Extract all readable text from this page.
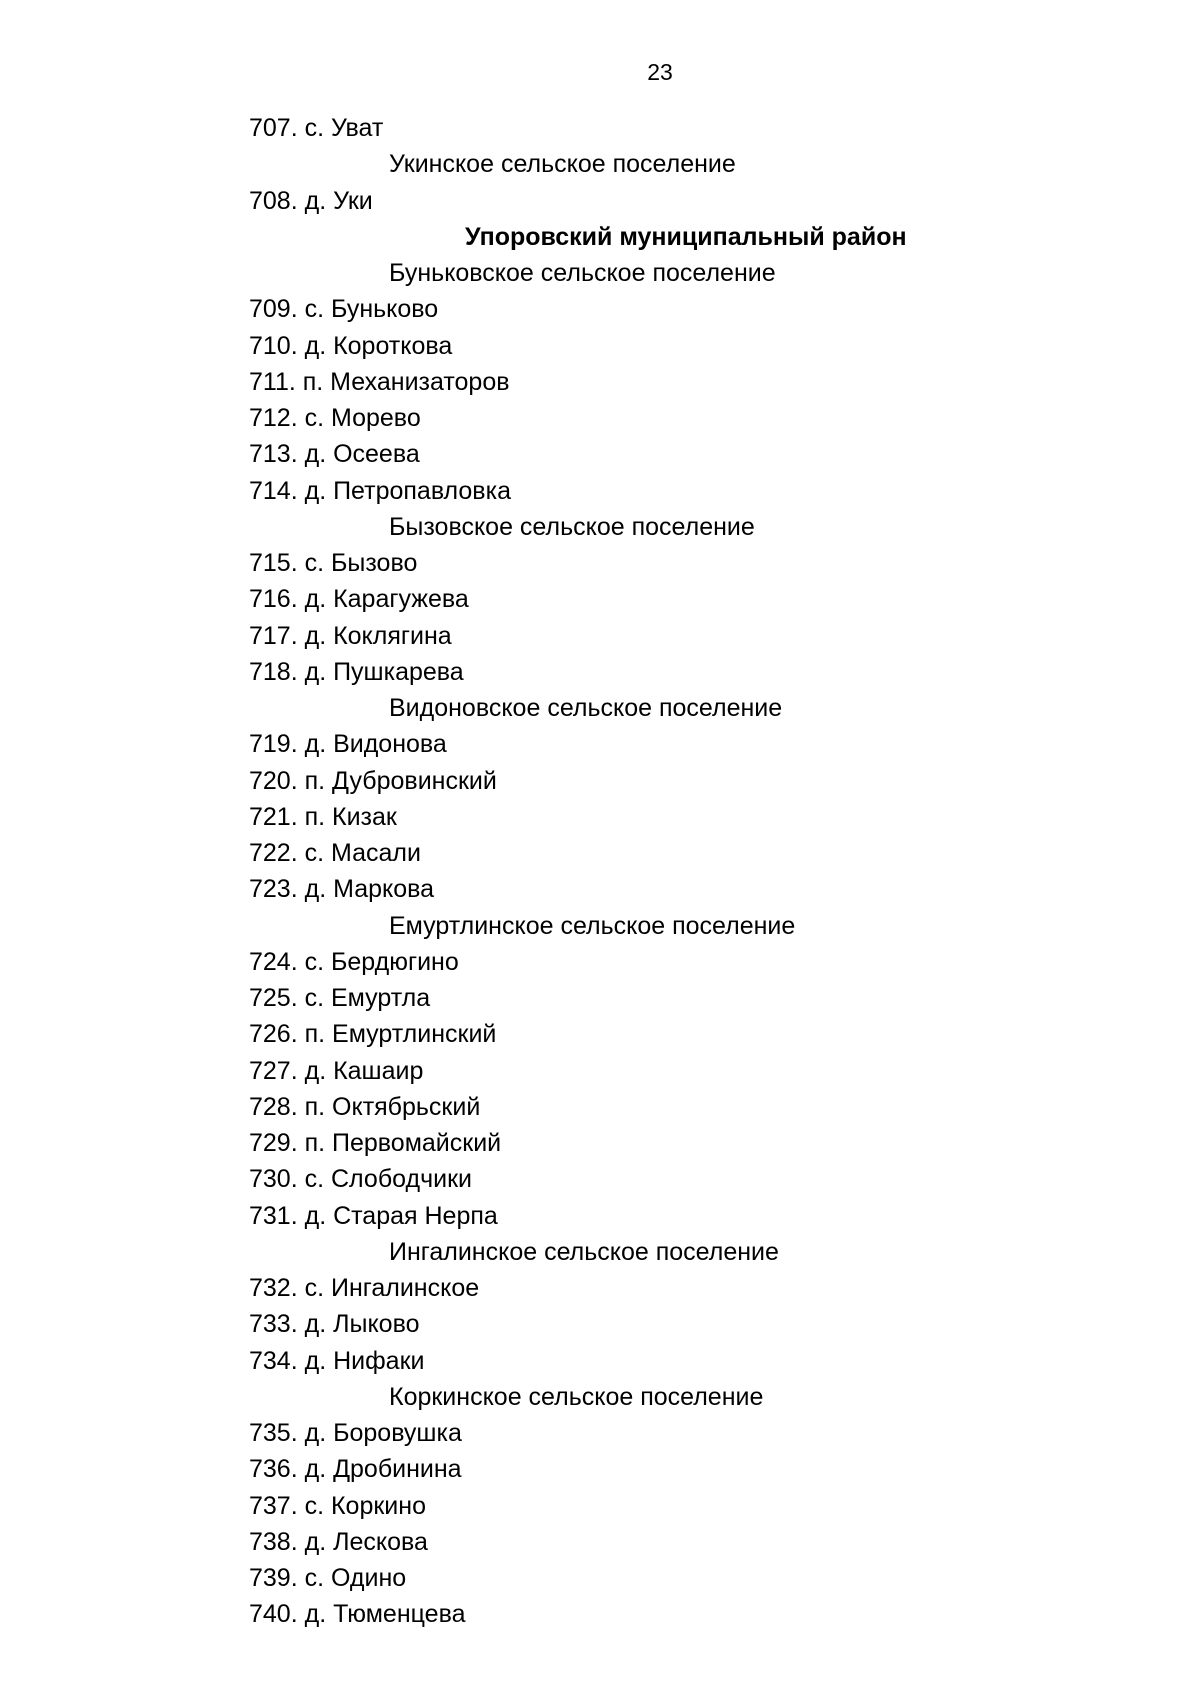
23
707. с. Уват
Укинское сельское поселение
708. д. Уки
Упоровский муниципальный район
Буньковское сельское поселение
709. с. Буньково
710. д. Короткова
711. п. Механизаторов
712. с. Морево
713. д. Осеева
714. д. Петропавловка
Бызовское сельское поселение
715. с. Бызово
716. д. Карагужева
717. д. Коклягина
718. д. Пушкарева
Видоновское сельское поселение
719. д. Видонова
720. п. Дубровинский
721. п. Кизак
722. с. Масали
723. д. Маркова
Емуртлинское сельское поселение
724. с. Бердюгино
725. с. Емуртла
726. п. Емуртлинский
727. д. Кашаир
728. п. Октябрьский
729. п. Первомайский
730. с. Слободчики
731. д. Старая Нерпа
Ингалинское сельское поселение
732. с. Ингалинское
733. д. Лыково
734. д. Нифаки
Коркинское сельское поселение
735. д. Боровушка
736. д. Дробинина
737. с. Коркино
738. д. Лескова
739. с. Одино
740. д. Тюменцева
